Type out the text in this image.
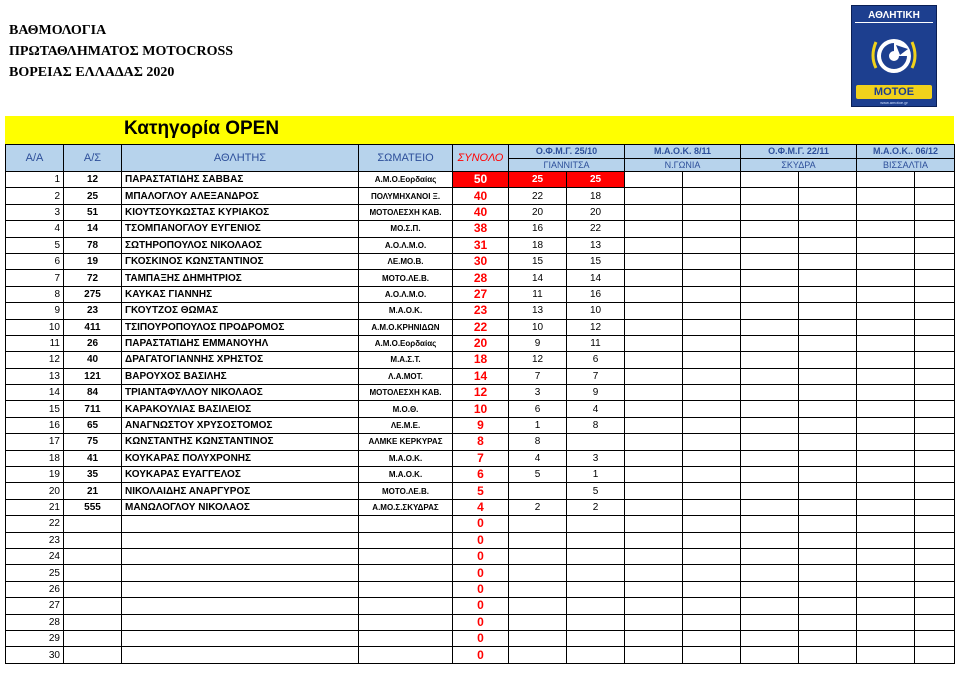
ΒΑΘΜΟΛΟΓΙΑ
ΠΡΩΤΑΘΛΗΜΑΤΟΣ MOTOCROSS
ΒΟΡΕΙΑΣ ΕΛΛΑΔΑΣ 2020
ΑΘΛΗΤΙΚΗ
ΜΟΤΟΕ
www.amotoe.gr
Κατηγορία OPEN
Α/Α	Α/Σ	ΑΘΛΗΤΗΣ	ΣΩΜΑΤΕΙΟ	ΣΥΝΟΛΟ	Ο.Φ.Μ.Γ. 25/10		Μ.Α.Ο.Κ. 8/11		Ο.Φ.Μ.Γ. 22/11		Μ.Α.Ο.Κ.. 06/12	
					ΓΙΑΝΝΙΤΣΑ		Ν.ΓΩΝΙΑ		ΣΚΥΔΡΑ		ΒΙΣΣΑΛΤΙΑ	
1	12	ΠΑΡΑΣΤΑΤΙΔΗΣ ΣΑΒΒΑΣ	Α.Μ.Ο.Εορδαίας	50	25	25						
2	25	ΜΠΑΛΟΓΛΟΥ ΑΛΕΞΑΝΔΡΟΣ	ΠΟΛΥΜΗΧΑΝΟΙ Ξ.	40	22	18						
3	51	ΚΙΟΥΤΣΟΥΚΩΣΤΑΣ ΚΥΡΙΑΚΟΣ	ΜΟΤΟΛΕΣΧΗ ΚΑΒ.	40	20	20						
4	14	ΤΣΟΜΠΑΝΟΓΛΟΥ ΕΥΓΕΝΙΟΣ	ΜΟ.Σ.Π.	38	16	22						
5	78	ΣΩΤΗΡΟΠΟΥΛΟΣ ΝΙΚΟΛΑΟΣ	Α.Ο.Λ.Μ.Ο.	31	18	13						
6	19	ΓΚΟΣΚΙΝΟΣ ΚΩΝΣΤΑΝΤΙΝΟΣ	ΛΕ.ΜΟ.Β.	30	15	15						
7	72	ΤΑΜΠΑΞΗΣ ΔΗΜΗΤΡΙΟΣ	ΜΟΤΟ.ΛΕ.Β.	28	14	14						
8	275	ΚΑΥΚΑΣ ΓΙΑΝΝΗΣ	Α.Ο.Λ.Μ.Ο.	27	11	16						
9	23	ΓΚΟΥΤΖΟΣ ΘΩΜΑΣ	Μ.Α.Ο.Κ.	23	13	10						
10	411	ΤΣΙΠΟΥΡΟΠΟΥΛΟΣ ΠΡΟΔΡΟΜΟΣ	Α.Μ.Ο.ΚΡΗΝΙΔΩΝ	22	10	12						
11	26	ΠΑΡΑΣΤΑΤΙΔΗΣ ΕΜΜΑΝΟΥΗΛ	Α.Μ.Ο.Εορδαίας	20	9	11						
12	40	ΔΡΑΓΑΤΟΓΙΑΝΝΗΣ ΧΡΗΣΤΟΣ	Μ.Α.Σ.Τ.	18	12	6						
13	121	ΒΑΡΟΥΧΟΣ ΒΑΣΙΛΗΣ	Λ.Α.ΜΟΤ.	14	7	7						
14	84	ΤΡΙΑΝΤΑΦΥΛΛΟΥ ΝΙΚΟΛΑΟΣ	ΜΟΤΟΛΕΣΧΗ ΚΑΒ.	12	3	9						
15	711	ΚΑΡΑΚΟΥΛΙΑΣ ΒΑΣΙΛΕΙΟΣ	Μ.Ο.Θ.	10	6	4						
16	65	ΑΝΑΓΝΩΣΤΟΥ ΧΡΥΣΟΣΤΟΜΟΣ	ΛΕ.Μ.Ε.	9	1	8						
17	75	ΚΩΝΣΤΑΝΤΗΣ ΚΩΝΣΤΑΝΤΙΝΟΣ	ΑΛΜΚΕ ΚΕΡΚΥΡΑΣ	8	8							
18	41	ΚΟΥΚΑΡΑΣ ΠΟΛΥΧΡΟΝΗΣ	Μ.Α.Ο.Κ.	7	4	3						
19	35	ΚΟΥΚΑΡΑΣ ΕΥΑΓΓΕΛΟΣ	Μ.Α.Ο.Κ.	6	5	1						
20	21	ΝΙΚΟΛΑΙΔΗΣ ΑΝΑΡΓΥΡΟΣ	ΜΟΤΟ.ΛΕ.Β.	5		5						
21	555	ΜΑΝΩΛΟΓΛΟΥ ΝΙΚΟΛΑΟΣ	Α.ΜΟ.Σ.ΣΚΥΔΡΑΣ	4	2	2						
22				0								
23				0								
24				0								
25				0								
26				0								
27				0								
28				0								
29				0								
30				0								
